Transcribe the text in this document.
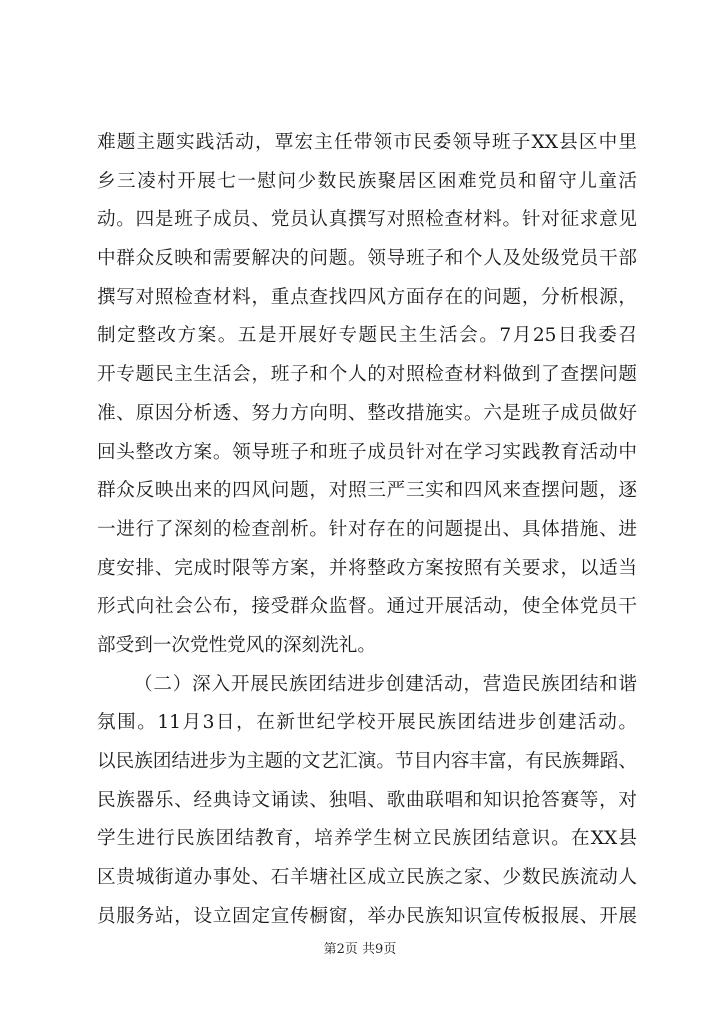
难题主题实践活动，覃宏主任带领市民委领导班子XX县区中里
乡三凌村开展七一慰问少数民族聚居区困难党员和留守儿童活
动。四是班子成员、党员认真撰写对照检查材料。针对征求意见
中群众反映和需要解决的问题。领导班子和个人及处级党员干部
撰写对照检查材料，重点查找四风方面存在的问题，分析根源，
制定整改方案。五是开展好专题民主生活会。7月25日我委召
开专题民主生活会，班子和个人的对照检查材料做到了查摆问题
准、原因分析透、努力方向明、整改措施实。六是班子成员做好
回头整改方案。领导班子和班子成员针对在学习实践教育活动中
群众反映出来的四风问题，对照三严三实和四风来查摆问题，逐
一进行了深刻的检查剖析。针对存在的问题提出、具体措施、进
度安排、完成时限等方案，并将整政方案按照有关要求，以适当
形式向社会公布，接受群众监督。通过开展活动，使全体党员干
部受到一次党性党风的深刻洗礼。
（二）深入开展民族团结进步创建活动，营造民族团结和谐
氛围。11月3日，在新世纪学校开展民族团结进步创建活动。
以民族团结进步为主题的文艺汇演。节目内容丰富，有民族舞蹈、
民族器乐、经典诗文诵读、独唱、歌曲联唱和知识抢答赛等，对
学生进行民族团结教育，培养学生树立民族团结意识。在XX县
区贵城街道办事处、石羊塘社区成立民族之家、少数民族流动人
员服务站，设立固定宣传橱窗，举办民族知识宣传板报展、开展
第2页 共9页
